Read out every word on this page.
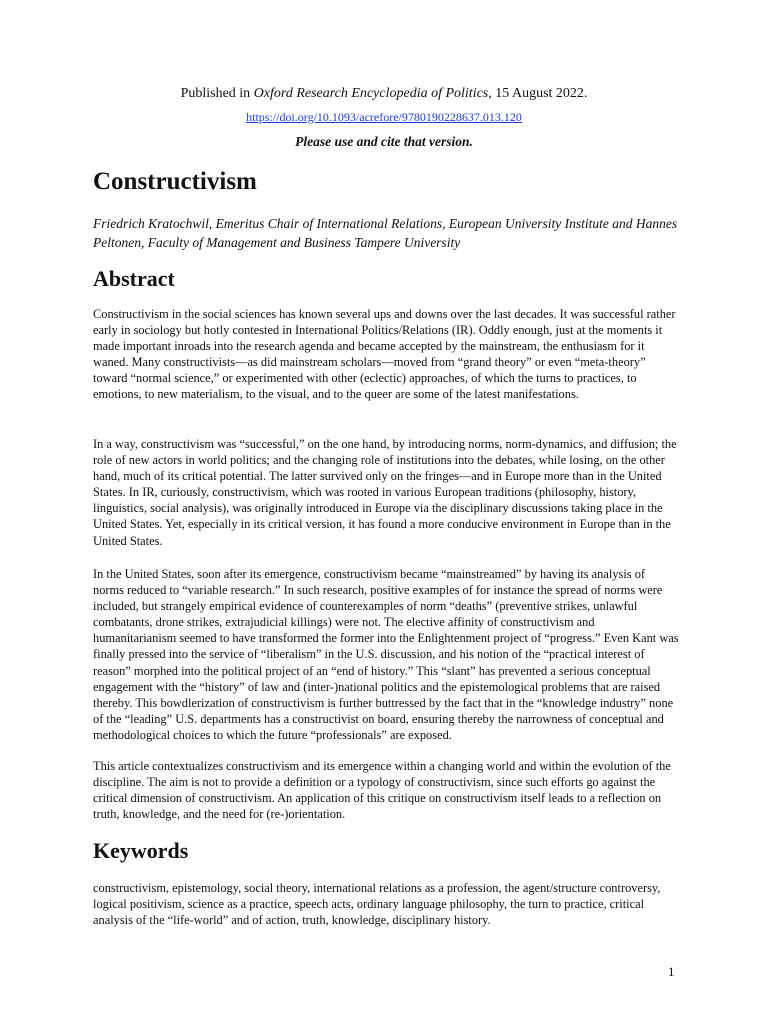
Published in Oxford Research Encyclopedia of Politics, 15 August 2022.
https://doi.org/10.1093/acrefore/9780190228637.013.120
Please use and cite that version.
Constructivism

Friedrich Kratochwil, Emeritus Chair of International Relations, European University Institute and Hannes Peltonen, Faculty of Management and Business Tampere University

Abstract

Constructivism in the social sciences has known several ups and downs over the last decades. It was successful rather early in sociology but hotly contested in International Politics/Relations (IR). Oddly enough, just at the moments it made important inroads into the research agenda and became accepted by the mainstream, the enthusiasm for it waned. Many constructivists—as did mainstream scholars—moved from “grand theory” or even “meta-theory” toward “normal science,” or experimented with other (eclectic) approaches, of which the turns to practices, to emotions, to new materialism, to the visual, and to the queer are some of the latest manifestations.

In a way, constructivism was “successful,” on the one hand, by introducing norms, norm-dynamics, and diffusion; the role of new actors in world politics; and the changing role of institutions into the debates, while losing, on the other hand, much of its critical potential. The latter survived only on the fringes—and in Europe more than in the United States. In IR, curiously, constructivism, which was rooted in various European traditions (philosophy, history, linguistics, social analysis), was originally introduced in Europe via the disciplinary discussions taking place in the United States. Yet, especially in its critical version, it has found a more conducive environment in Europe than in the United States.

In the United States, soon after its emergence, constructivism became “mainstreamed” by having its analysis of norms reduced to “variable research.” In such research, positive examples of for instance the spread of norms were included, but strangely empirical evidence of counterexamples of norm “deaths” (preventive strikes, unlawful combatants, drone strikes, extrajudicial killings) were not. The elective affinity of constructivism and humanitarianism seemed to have transformed the former into the Enlightenment project of “progress.” Even Kant was finally pressed into the service of “liberalism” in the U.S. discussion, and his notion of the “practical interest of reason” morphed into the political project of an “end of history.” This “slant” has prevented a serious conceptual engagement with the “history” of law and (inter-)national politics and the epistemological problems that are raised thereby. This bowdlerization of constructivism is further buttressed by the fact that in the “knowledge industry” none of the “leading” U.S. departments has a constructivist on board, ensuring thereby the narrowness of conceptual and methodological choices to which the future “professionals” are exposed.

This article contextualizes constructivism and its emergence within a changing world and within the evolution of the discipline. The aim is not to provide a definition or a typology of constructivism, since such efforts go against the critical dimension of constructivism. An application of this critique on constructivism itself leads to a reflection on truth, knowledge, and the need for (re-)orientation.

Keywords

constructivism, epistemology, social theory, international relations as a profession, the agent/structure controversy, logical positivism, science as a practice, speech acts, ordinary language philosophy, the turn to practice, critical analysis of the “life-world” and of action, truth, knowledge, disciplinary history.

1
